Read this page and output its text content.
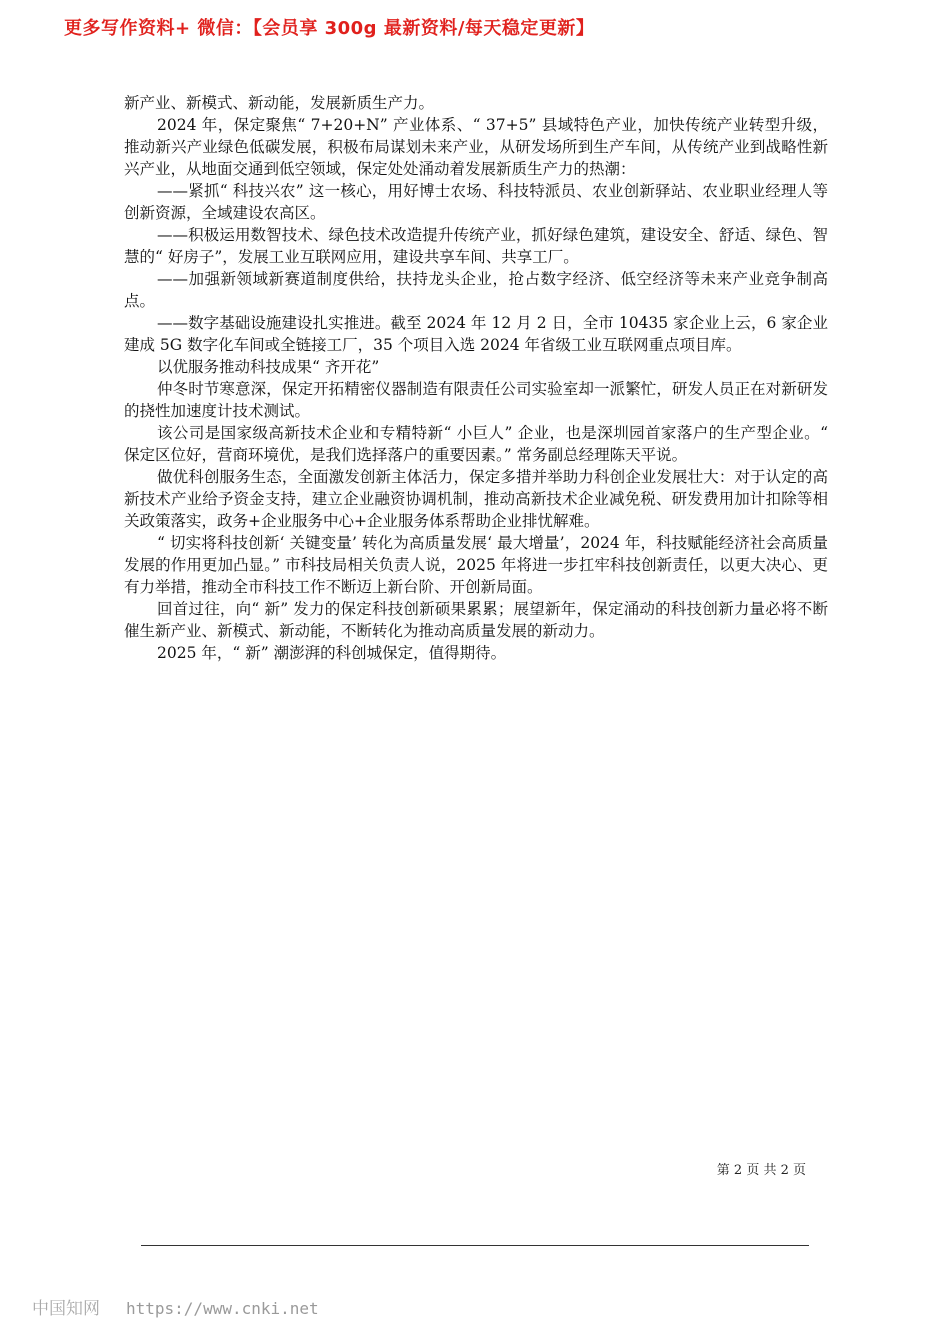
更多写作资料+ 微信：【会员享 300g 最新资料/每天稳定更新】

新产业、新模式、新动能，发展新质生产力。

2024 年，保定聚焦“ 7+20+N” 产业体系、“ 37+5” 县域特色产业，加快传统产业转型升级，推动新兴产业绿色低碳发展，积极布局谋划未来产业，从研发场所到生产车间，从传统产业到战略性新兴产业，从地面交通到低空领域，保定处处涌动着发展新质生产力的热潮：

——紧抓“ 科技兴农” 这一核心，用好博士农场、科技特派员、农业创新驿站、农业职业经理人等创新资源，全域建设农高区。

——积极运用数智技术、绿色技术改造提升传统产业，抓好绿色建筑，建设安全、舒适、绿色、智慧的“ 好房子”，发展工业互联网应用，建设共享车间、共享工厂。

——加强新领域新赛道制度供给，扶持龙头企业，抢占数字经济、低空经济等未来产业竞争制高点。

——数字基础设施建设扎实推进。截至 2024 年 12 月 2 日，全市 10435 家企业上云，6 家企业建成 5G 数字化车间或全链接工厂，35 个项目入选 2024 年省级工业互联网重点项目库。

以优服务推动科技成果“ 齐开花”

仲冬时节寒意深，保定开拓精密仪器制造有限责任公司实验室却一派繁忙，研发人员正在对新研发的挠性加速度计技术测试。

该公司是国家级高新技术企业和专精特新“ 小巨人” 企业，也是深圳园首家落户的生产型企业。“ 保定区位好，营商环境优，是我们选择落户的重要因素。” 常务副总经理陈天平说。

做优科创服务生态，全面激发创新主体活力，保定多措并举助力科创企业发展壮大：对于认定的高新技术产业给予资金支持，建立企业融资协调机制，推动高新技术企业减免税、研发费用加计扣除等相关政策落实，政务+企业服务中心+企业服务体系帮助企业排忧解难。

“ 切实将科技创新‘ 关键变量’ 转化为高质量发展‘ 最大增量’，2024 年，科技赋能经济社会高质量发展的作用更加凸显。” 市科技局相关负责人说，2025 年将进一步扛牢科技创新责任，以更大决心、更有力举措，推动全市科技工作不断迈上新台阶、开创新局面。

回首过往，向“ 新” 发力的保定科技创新硕果累累；展望新年，保定涌动的科技创新力量必将不断催生新产业、新模式、新动能，不断转化为推动高质量发展的新动力。

2025 年，“ 新” 潮澎湃的科创城保定，值得期待。

第 2 页 共 2 页
中国知网 https://www.cnki.net
